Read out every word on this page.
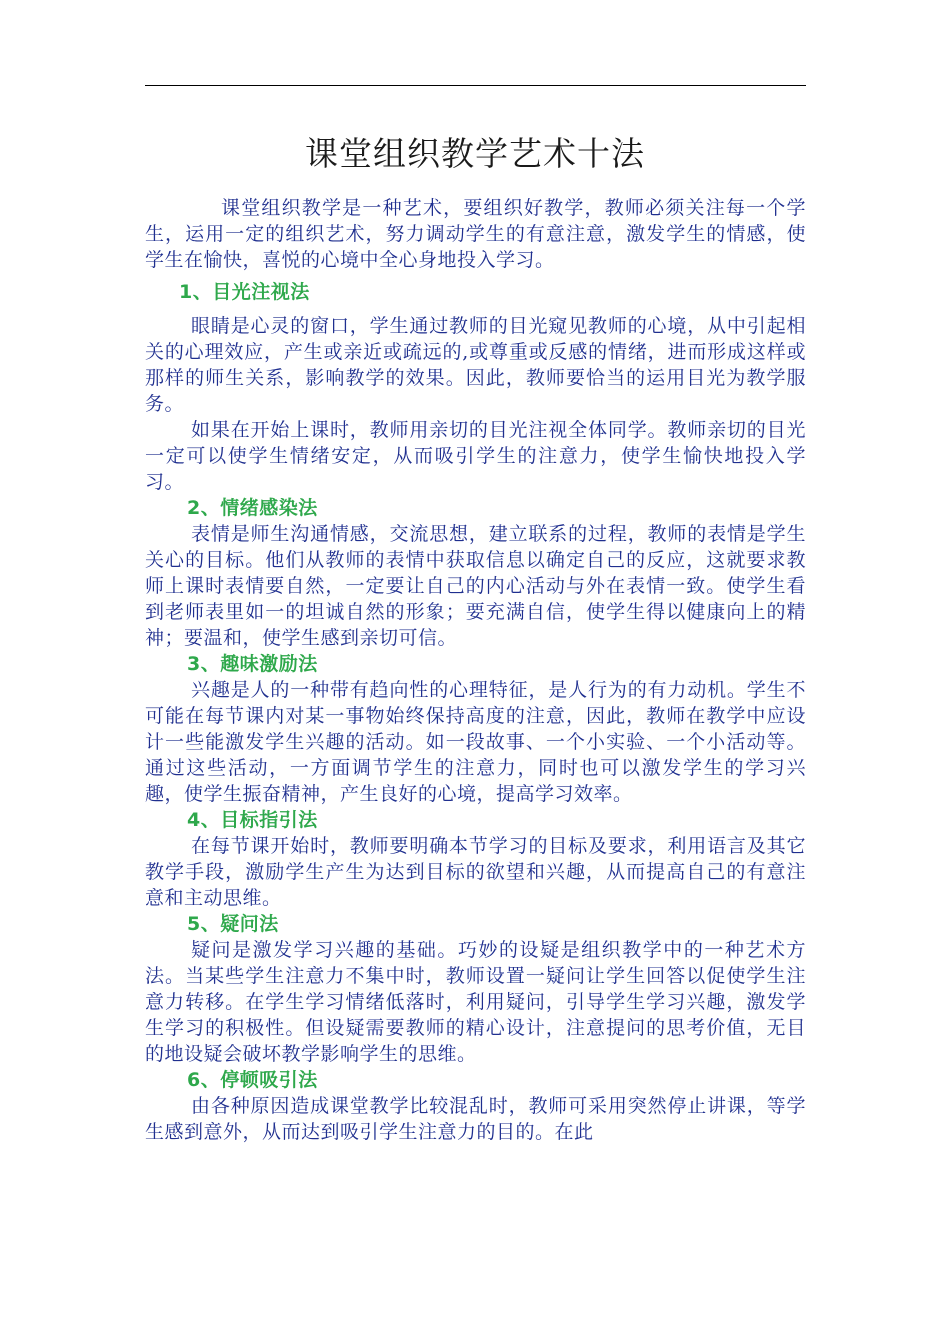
课堂组织教学艺术十法

课堂组织教学是一种艺术，要组织好教学，教师必须关注每一个学生，运用一定的组织艺术，努力调动学生的有意注意，激发学生的情感，使学生在愉快，喜悦的心境中全心身地投入学习。

1、目光注视法

眼睛是心灵的窗口，学生通过教师的目光窥见教师的心境，从中引起相关的心理效应，产生或亲近或疏远的,或尊重或反感的情绪，进而形成这样或那样的师生关系，影响教学的效果。因此，教师要恰当的运用目光为教学服务。

如果在开始上课时，教师用亲切的目光注视全体同学。教师亲切的目光一定可以使学生情绪安定，从而吸引学生的注意力，使学生愉快地投入学习。

2、情绪感染法

表情是师生沟通情感，交流思想，建立联系的过程，教师的表情是学生关心的目标。他们从教师的表情中获取信息以确定自己的反应，这就要求教师上课时表情要自然，一定要让自己的内心活动与外在表情一致。使学生看到老师表里如一的坦诚自然的形象；要充满自信，使学生得以健康向上的精神；要温和，使学生感到亲切可信。

3、趣味激励法

兴趣是人的一种带有趋向性的心理特征，是人行为的有力动机。学生不可能在每节课内对某一事物始终保持高度的注意，因此，教师在教学中应设计一些能激发学生兴趣的活动。如一段故事、一个小实验、一个小活动等。通过这些活动，一方面调节学生的注意力，同时也可以激发学生的学习兴趣，使学生振奋精神，产生良好的心境，提高学习效率。

4、目标指引法

在每节课开始时，教师要明确本节学习的目标及要求，利用语言及其它教学手段，激励学生产生为达到目标的欲望和兴趣，从而提高自己的有意注意和主动思维。

5、疑问法

疑问是激发学习兴趣的基础。巧妙的设疑是组织教学中的一种艺术方法。当某些学生注意力不集中时，教师设置一疑问让学生回答以促使学生注意力转移。在学生学习情绪低落时，利用疑问，引导学生学习兴趣，激发学生学习的积极性。但设疑需要教师的精心设计，注意提问的思考价值，无目的地设疑会破坏教学影响学生的思维。

6、停顿吸引法

由各种原因造成课堂教学比较混乱时，教师可采用突然停止讲课，等学生感到意外，从而达到吸引学生注意力的目的。在此
